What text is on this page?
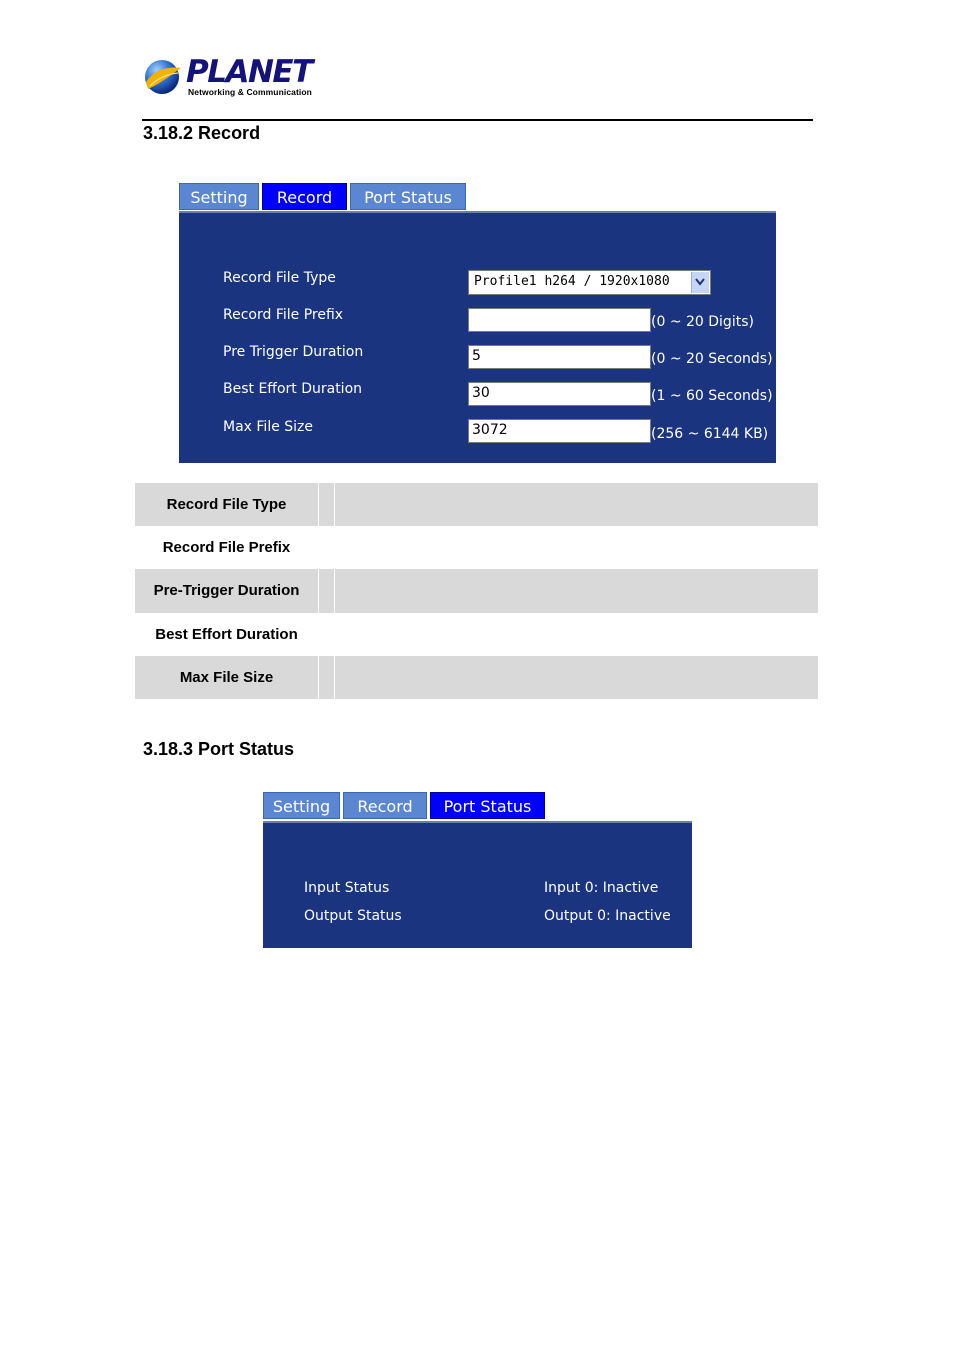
PLANET
Networking & Communication
3.18.2 Record
Setting	Record	Port Status
Record File Type	Profile1 h264 / 1920x1080
Record File Prefix	(0 ~ 20 Digits)
Pre Trigger Duration	5	(0 ~ 20 Seconds)
Best Effort Duration	30	(1 ~ 60 Seconds)
Max File Size	3072	(256 ~ 6144 KB)
Record File Type
Record File Prefix
Pre-Trigger Duration
Best Effort Duration
Max File Size
3.18.3 Port Status
Setting	Record	Port Status
Input Status	Input 0: Inactive
Output Status	Output 0: Inactive
